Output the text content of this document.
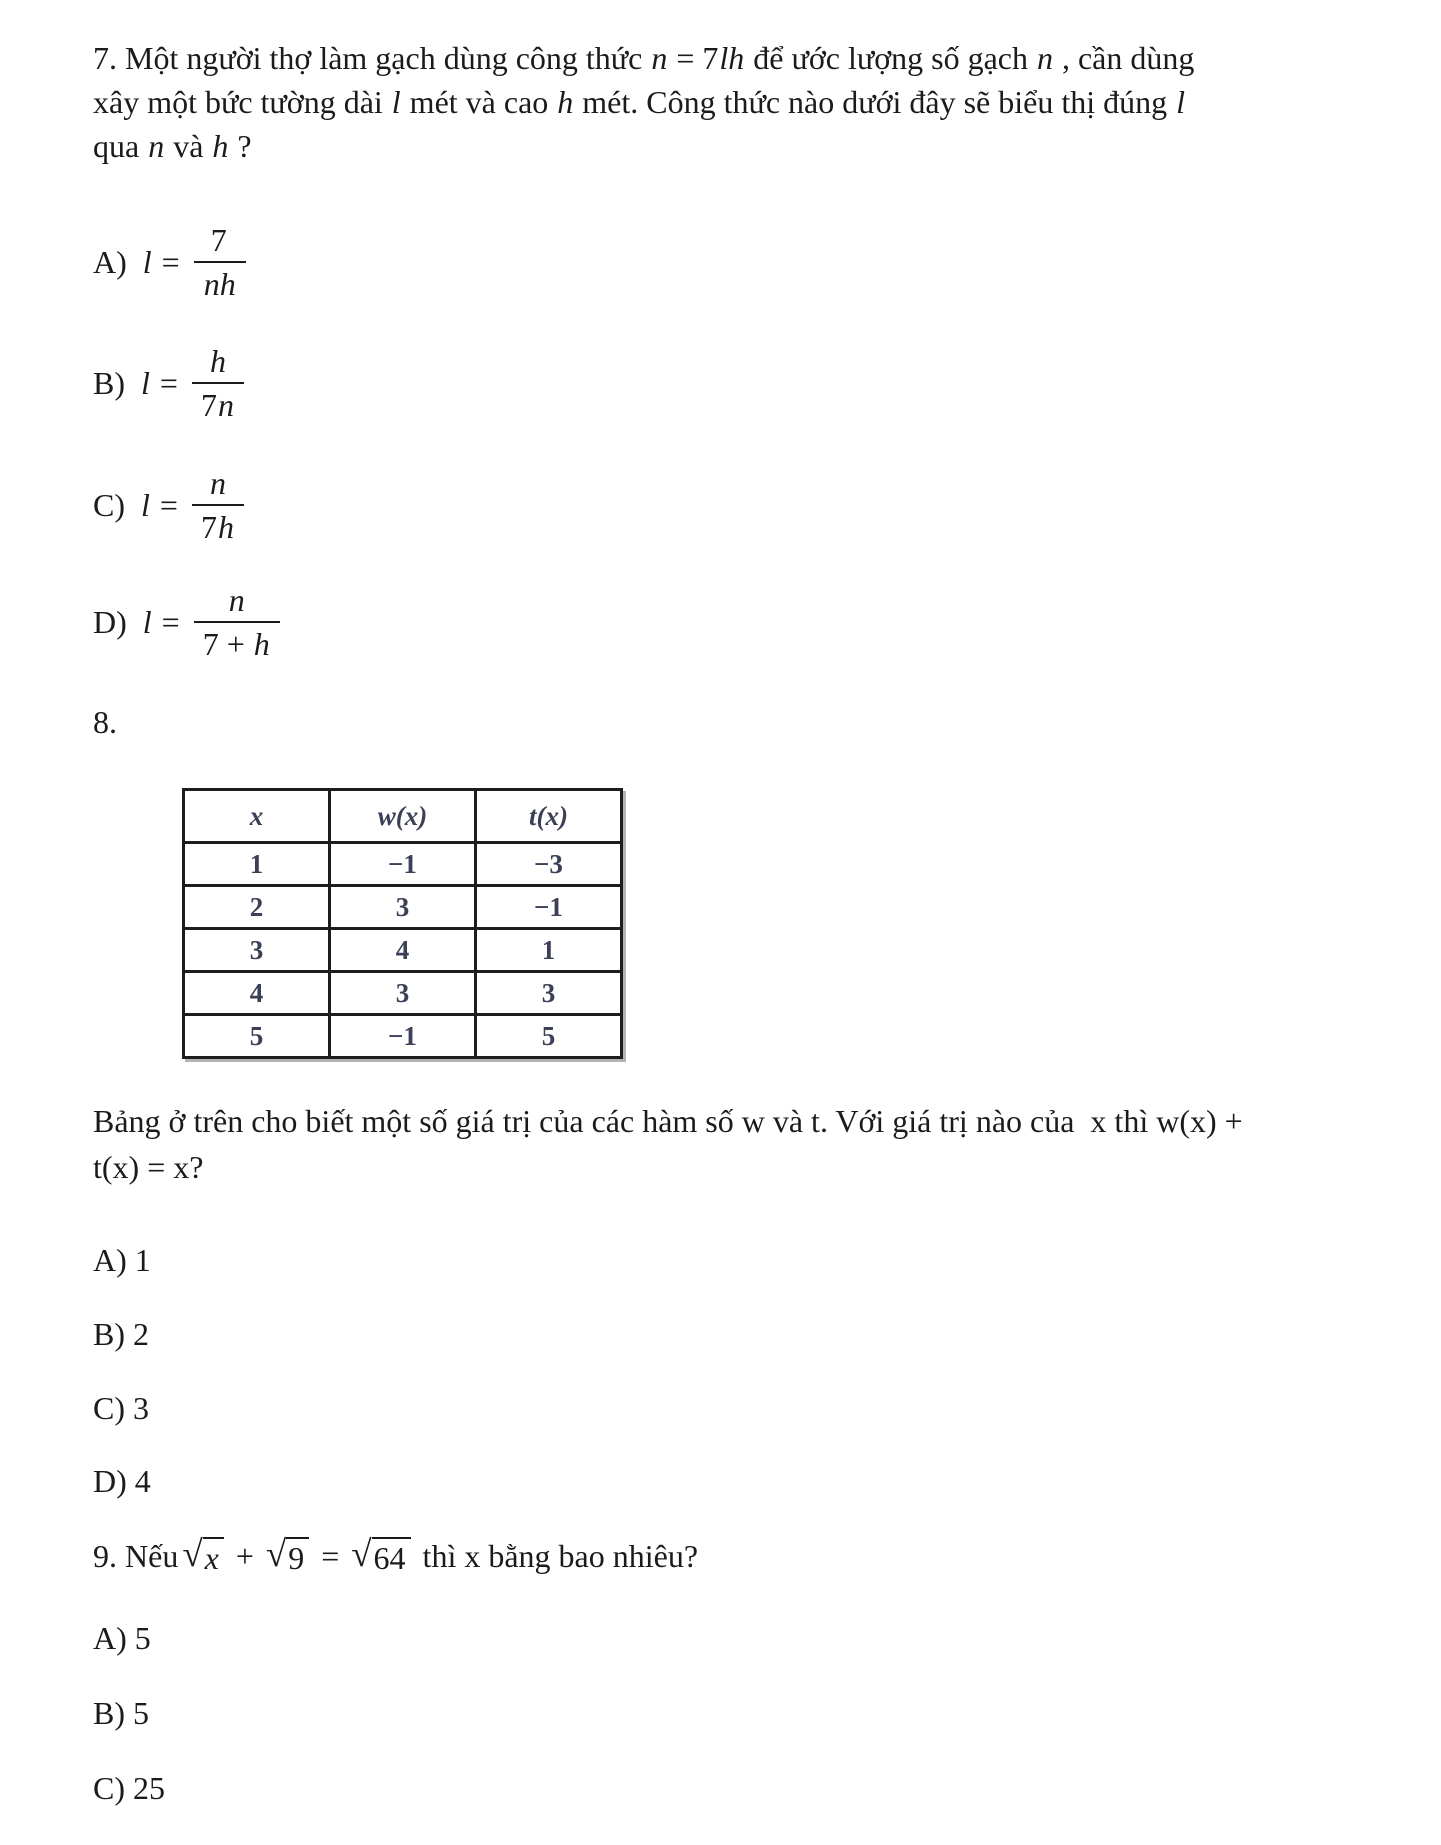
7. Một người thợ làm gạch dùng công thức n = 7lh để ước lượng số gạch n , cần dùng
xây một bức tường dài l mét và cao h mét. Công thức nào dưới đây sẽ biểu thị đúng l
qua n và h ?
A) $l = \frac{7}{nh}$
B) $l = \frac{h}{7n}$
C) $l = \frac{n}{7h}$
D) $l = \frac{n}{7 + h}$
8.
x	w(x)	t(x)
1	−1	−3
2	3	−1
3	4	1
4	3	3
5	−1	5
Bảng ở trên cho biết một số giá trị của các hàm số w và t. Với giá trị nào của  x thì w(x) +
t(x) = x?
A) 1
B) 2
C) 3
D) 4
9. Nếu √ x + √ 9 = √ 64 thì x bằng bao nhiêu?
A) 5
B) 5
C) 25
